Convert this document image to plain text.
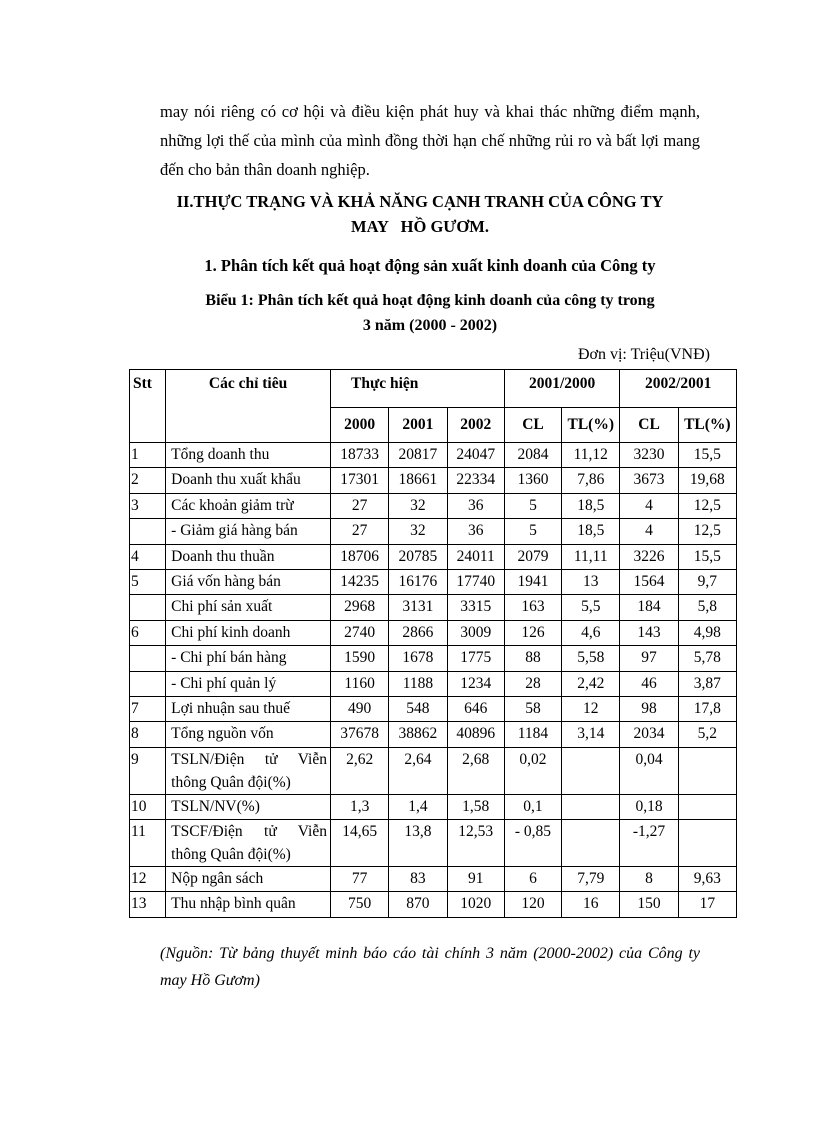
may nói riêng có cơ hội và điều kiện phát huy và khai thác những điểm mạnh, những lợi thế của mình của mình đồng thời hạn chế những rủi ro và bất lợi mang đến cho bản thân doanh nghiệp.
II.THỰC TRẠNG VÀ KHẢ NĂNG CẠNH TRANH CỦA CÔNG TY
MAY   HỒ GƯƠM.
1. Phân tích kết quả hoạt động sản xuất kinh doanh của Công ty
Biểu 1: Phân tích kết quả hoạt động kinh doanh của công ty trong
3 năm (2000 - 2002)
Đơn vị: Triệu(VNĐ)
Stt	Các chỉ tiêu	Thực hiện			2001/2000		2002/2001	
		2000	2001	2002	CL	TL(%)	CL	TL(%)
1	Tổng doanh thu	18733	20817	24047	2084	11,12	3230	15,5
2	Doanh thu xuất khẩu	17301	18661	22334	1360	7,86	3673	19,68
3	Các khoản giảm trừ	27	32	36	5	18,5	4	12,5
	- Giảm giá hàng bán	27	32	36	5	18,5	4	12,5
4	Doanh thu thuần	18706	20785	24011	2079	11,11	3226	15,5
5	Giá vốn hàng bán	14235	16176	17740	1941	13	1564	9,7
	Chi phí sản xuất	2968	3131	3315	163	5,5	184	5,8
6	Chi phí kinh doanh	2740	2866	3009	126	4,6	143	4,98
	- Chi phí bán hàng	1590	1678	1775	88	5,58	97	5,78
	- Chi phí quản lý	1160	1188	1234	28	2,42	46	3,87
7	Lợi nhuận sau thuế	490	548	646	58	12	98	17,8
8	Tổng nguồn vốn	37678	38862	40896	1184	3,14	2034	5,2
9	TSLN/Điện tử Viễn thông Quân đội(%)	2,62	2,64	2,68	0,02		0,04	
10	TSLN/NV(%)	1,3	1,4	1,58	0,1		0,18	
11	TSCF/Điện tử Viễn thông Quân đội(%)	14,65	13,8	12,53	- 0,85		-1,27	
12	Nộp ngân sách	77	83	91	6	7,79	8	9,63
13	Thu nhập bình quân	750	870	1020	120	16	150	17
(Nguồn: Từ bảng thuyết minh báo cáo tài chính 3 năm (2000-2002) của Công ty may Hồ Gươm)
